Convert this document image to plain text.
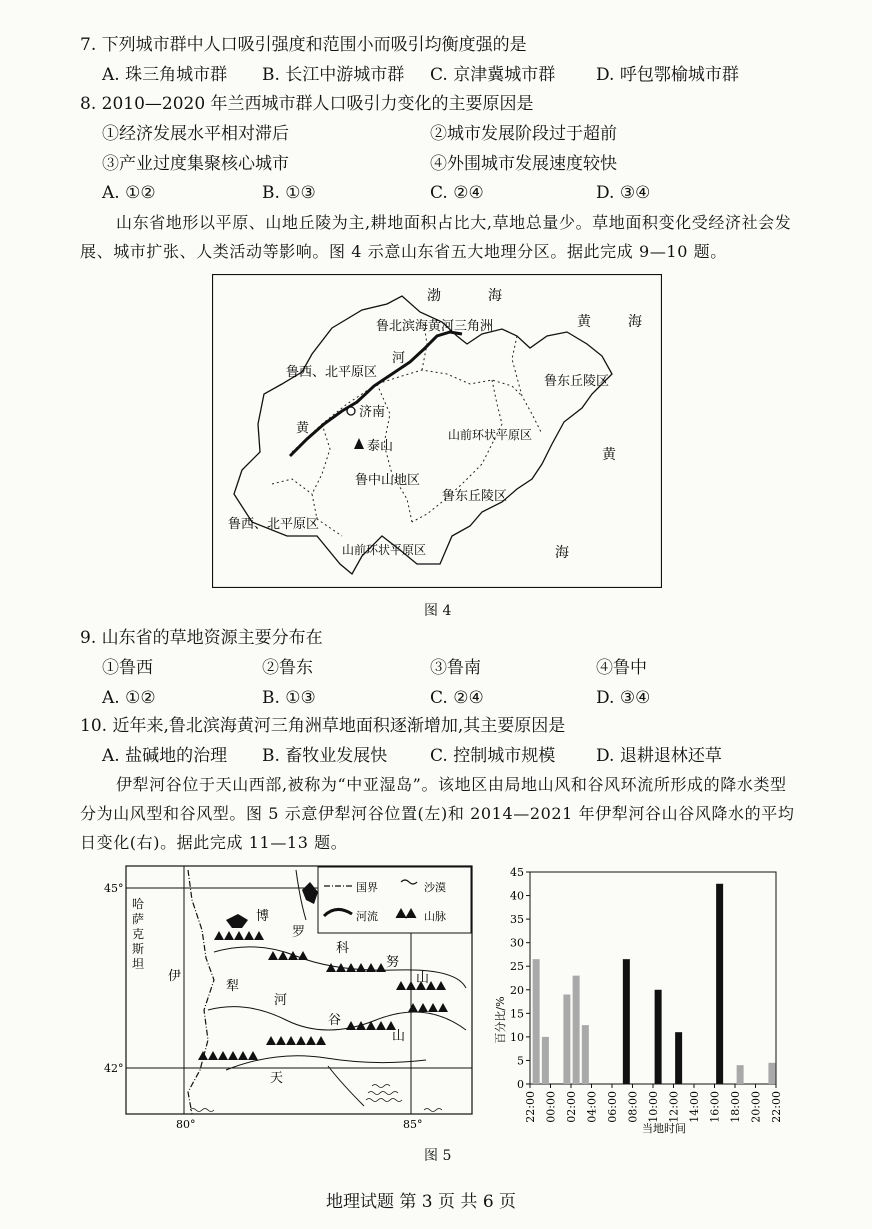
7. 下列城市群中人口吸引强度和范围小而吸引均衡度强的是
A. 珠三角城市群 B. 长江中游城市群 C. 京津冀城市群 D. 呼包鄂榆城市群
8. 2010—2020 年兰西城市群人口吸引力变化的主要原因是
①经济发展水平相对滞后	②城市发展阶段过于超前
③产业过度集聚核心城市	④外围城市发展速度较快
A. ①②	B. ①③	C. ②④	D. ③④
山东省地形以平原、山地丘陵为主,耕地面积占比大,草地总量少。草地面积变化受经济社会发展、城市扩张、人类活动等影响。图 4 示意山东省五大地理分区。据此完成 9—10 题。
渤	海
黄	海
黄
海
鲁北滨海黄河三角洲
河
黄
鲁西、北平原区
鲁东丘陵区
济南
泰山
山前环状平原区
鲁中山地区
鲁东丘陵区
鲁西、北平原区
山前环状平原区
图 4
9. 山东省的草地资源主要分布在
①鲁西	②鲁东	③鲁南	④鲁中
A. ①②	B. ①③	C. ②④	D. ③④
10. 近年来,鲁北滨海黄河三角洲草地面积逐渐增加,其主要原因是
A. 盐碱地的治理 B. 畜牧业发展快	C. 控制城市规模 D. 退耕退林还草
伊犁河谷位于天山西部,被称为“中亚湿岛”。该地区由局地山风和谷风环流所形成的降水类型分为山风型和谷风型。图 5 示意伊犁河谷位置(左)和 2014—2021 年伊犁河谷山谷风降水的平均日变化(右)。据此完成 11—13 题。
国界	沙漠
河流	山脉
45°
42°
80°	85°
哈
萨
克
斯
坦
伊
犁
河
谷
博
罗
科
努
山
山
天
百分比/%
当地时间
0
5
10
15
20
25
30
35
40
45
22:00 00:00 02:00 04:00 06:00 08:00 10:00 12:00 14:00 16:00 18:00 20:00 22:00
图 5
地理试题 第 3 页 共 6 页
